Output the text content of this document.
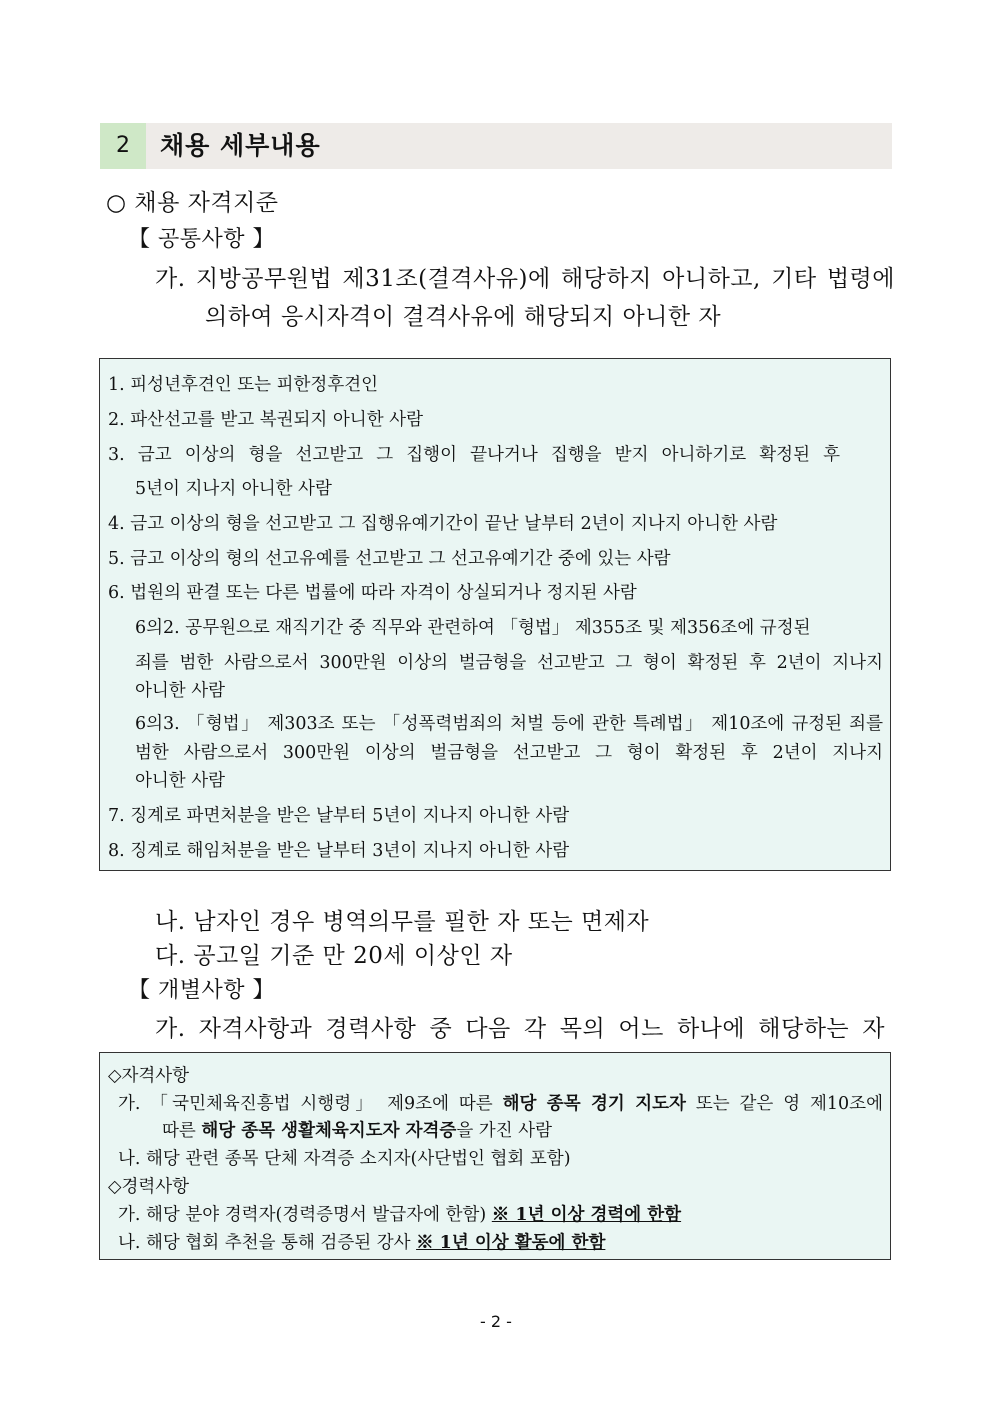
2	채용 세부내용
○ 채용 자격지준
【 공통사항 】
가. 지방공무원법 제31조(결격사유)에 해당하지 아니하고, 기타 법령에
의하여 응시자격이 결격사유에 해당되지 아니한 자
1. 피성년후견인 또는 피한정후견인
2. 파산선고를 받고 복권되지 아니한 사람
3. 금고 이상의 형을 선고받고 그 집행이 끝나거나 집행을 받지 아니하기로 확정된 후
5년이 지나지 아니한 사람
4. 금고 이상의 형을 선고받고 그 집행유예기간이 끝난 날부터 2년이 지나지 아니한 사람
5. 금고 이상의 형의 선고유예를 선고받고 그 선고유예기간 중에 있는 사람
6. 법원의 판결 또는 다른 법률에 따라 자격이 상실되거나 정지된 사람
6의2. 공무원으로 재직기간 중 직무와 관련하여 「형법」 제355조 및 제356조에 규정된
죄를 범한 사람으로서 300만원 이상의 벌금형을 선고받고 그 형이 확정된 후 2년이 지나지
아니한 사람
6의3. 「형법」 제303조 또는 「성폭력범죄의 처벌 등에 관한 특례법」 제10조에 규정된 죄를
범한 사람으로서 300만원 이상의 벌금형을 선고받고 그 형이 확정된 후 2년이 지나지
아니한 사람
7. 징계로 파면처분을 받은 날부터 5년이 지나지 아니한 사람
8. 징계로 해임처분을 받은 날부터 3년이 지나지 아니한 사람
나. 남자인 경우 병역의무를 필한 자 또는 면제자
다. 공고일 기준 만 20세 이상인 자
【 개별사항 】
가. 자격사항과 경력사항 중 다음 각 목의 어느 하나에 해당하는 자
◇자격사항
가. 「국민체육진흥법 시행령」 제9조에 따른 해당 종목 경기 지도자 또는 같은 영 제10조에
따른 해당 종목 생활체육지도자 자격증을 가진 사람
나. 해당 관련 종목 단체 자격증 소지자(사단법인 협회 포함)
◇경력사항
가. 해당 분야 경력자(경력증명서 발급자에 한함) ※ 1년 이상 경력에 한함
나. 해당 협회 추천을 통해 검증된 강사 ※ 1년 이상 활동에 한함
- 2 -
